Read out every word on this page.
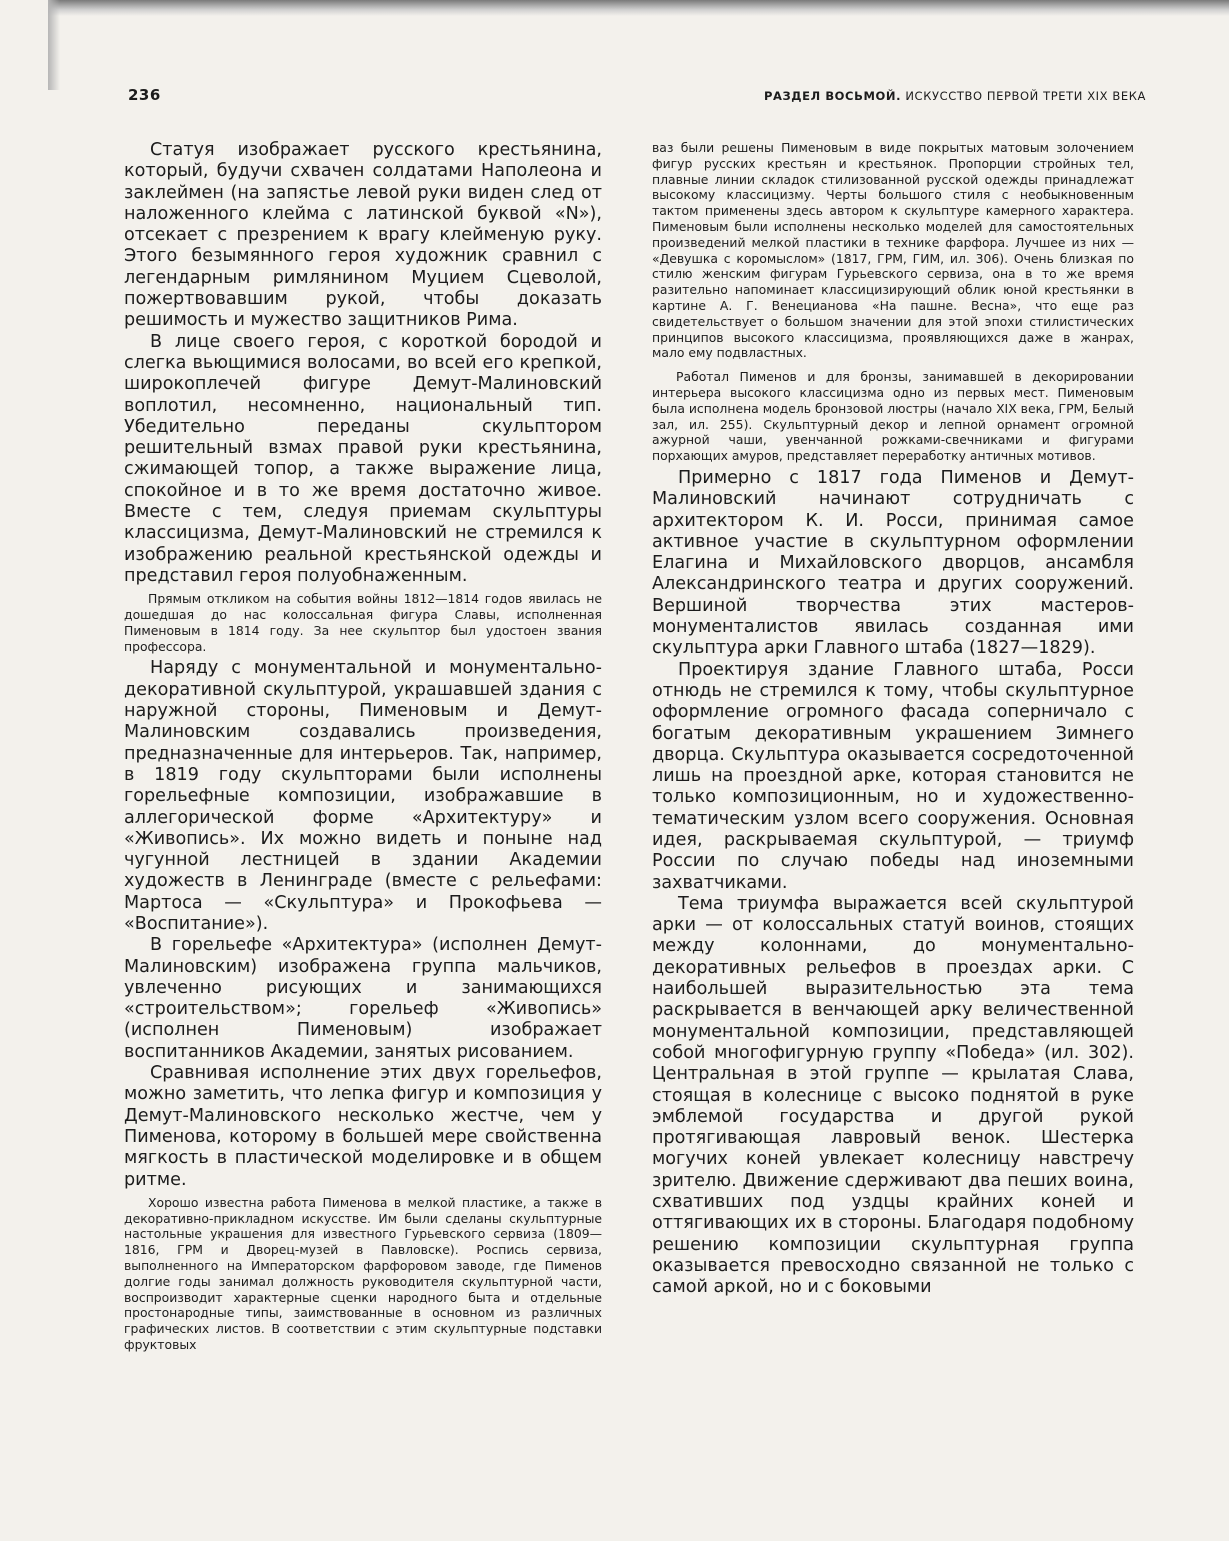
236	РАЗДЕЛ ВОСЬМОЙ. ИСКУССТВО ПЕРВОЙ ТРЕТИ XIX ВЕКА

Статуя изображает русского крестьянина, который, будучи схвачен солдатами Наполеона и заклеймен (на запястье левой руки виден след от наложенного клейма с латинской буквой «N»), отсекает с презрением к врагу клейменую руку. Этого безымянного героя художник сравнил с легендарным римлянином Муцием Сцеволой, пожертвовавшим рукой, чтобы доказать решимость и мужество защитников Рима.

В лице своего героя, с короткой бородой и слегка вьющимися волосами, во всей его крепкой, широкоплечей фигуре Демут-Малиновский воплотил, несомненно, национальный тип. Убедительно переданы скульптором решительный взмах правой руки крестьянина, сжимающей топор, а также выражение лица, спокойное и в то же время достаточно живое. Вместе с тем, следуя приемам скульптуры классицизма, Демут-Малиновский не стремился к изображению реальной крестьянской одежды и представил героя полуобнаженным.

Прямым откликом на события войны 1812—1814 годов явилась не дошедшая до нас колоссальная фигура Славы, исполненная Пименовым в 1814 году. За нее скульптор был удостоен звания профессора.

Наряду с монументальной и монументально-декоративной скульптурой, украшавшей здания с наружной стороны, Пименовым и Демут-Малиновским создавались произведения, предназначенные для интерьеров. Так, например, в 1819 году скульпторами были исполнены горельефные композиции, изображавшие в аллегорической форме «Архитектуру» и «Живопись». Их можно видеть и поныне над чугунной лестницей в здании Академии художеств в Ленинграде (вместе с рельефами: Мартоса — «Скульптура» и Прокофьева — «Воспитание»).

В горельефе «Архитектура» (исполнен Демут-Малиновским) изображена группа мальчиков, увлеченно рисующих и занимающихся «строительством»; горельеф «Живопись» (исполнен Пименовым) изображает воспитанников Академии, занятых рисованием.

Сравнивая исполнение этих двух горельефов, можно заметить, что лепка фигур и композиция у Демут-Малиновского несколько жестче, чем у Пименова, которому в большей мере свойственна мягкость в пластической моделировке и в общем ритме.

Хорошо известна работа Пименова в мелкой пластике, а также в декоративно-прикладном искусстве. Им были сделаны скульптурные настольные украшения для известного Гурьевского сервиза (1809—1816, ГРМ и Дворец-музей в Павловске). Роспись сервиза, выполненного на Императорском фарфоровом заводе, где Пименов долгие годы занимал должность руководителя скульптурной части, воспроизводит характерные сценки народного быта и отдельные простонародные типы, заимствованные в основном из различных графических листов. В соответствии с этим скульптурные подставки фруктовых

ваз были решены Пименовым в виде покрытых матовым золочением фигур русских крестьян и крестьянок. Пропорции стройных тел, плавные линии складок стилизованной русской одежды принадлежат высокому классицизму. Черты большого стиля с необыкновенным тактом применены здесь автором к скульптуре камерного характера. Пименовым были исполнены несколько моделей для самостоятельных произведений мелкой пластики в технике фарфора. Лучшее из них — «Девушка с коромыслом» (1817, ГРМ, ГИМ, ил. 306). Очень близкая по стилю женским фигурам Гурьевского сервиза, она в то же время разительно напоминает классицизирующий облик юной крестьянки в картине А. Г. Венецианова «На пашне. Весна», что еще раз свидетельствует о большом значении для этой эпохи стилистических принципов высокого классицизма, проявляющихся даже в жанрах, мало ему подвластных.

Работал Пименов и для бронзы, занимавшей в декорировании интерьера высокого классицизма одно из первых мест. Пименовым была исполнена модель бронзовой люстры (начало XIX века, ГРМ, Белый зал, ил. 255). Скульптурный декор и лепной орнамент огромной ажурной чаши, увенчанной рожками-свечниками и фигурами порхающих амуров, представляет переработку античных мотивов.

Примерно с 1817 года Пименов и Демут-Малиновский начинают сотрудничать с архитектором К. И. Росси, принимая самое активное участие в скульптурном оформлении Елагина и Михайловского дворцов, ансамбля Александринского театра и других сооружений. Вершиной творчества этих мастеров-монументалистов явилась созданная ими скульптура арки Главного штаба (1827—1829).

Проектируя здание Главного штаба, Росси отнюдь не стремился к тому, чтобы скульптурное оформление огромного фасада соперничало с богатым декоративным украшением Зимнего дворца. Скульптура оказывается сосредоточенной лишь на проездной арке, которая становится не только композиционным, но и художественно-тематическим узлом всего сооружения. Основная идея, раскрываемая скульптурой, — триумф России по случаю победы над иноземными захватчиками.

Тема триумфа выражается всей скульптурой арки — от колоссальных статуй воинов, стоящих между колоннами, до монументально-декоративных рельефов в проездах арки. С наибольшей выразительностью эта тема раскрывается в венчающей арку величественной монументальной композиции, представляющей собой многофигурную группу «Победа» (ил. 302). Центральная в этой группе — крылатая Слава, стоящая в колеснице с высоко поднятой в руке эмблемой государства и другой рукой протягивающая лавровый венок. Шестерка могучих коней увлекает колесницу навстречу зрителю. Движение сдерживают два пеших воина, схвативших под уздцы крайних коней и оттягивающих их в стороны. Благодаря подобному решению композиции скульптурная группа оказывается превосходно связанной не только с самой аркой, но и с боковыми
